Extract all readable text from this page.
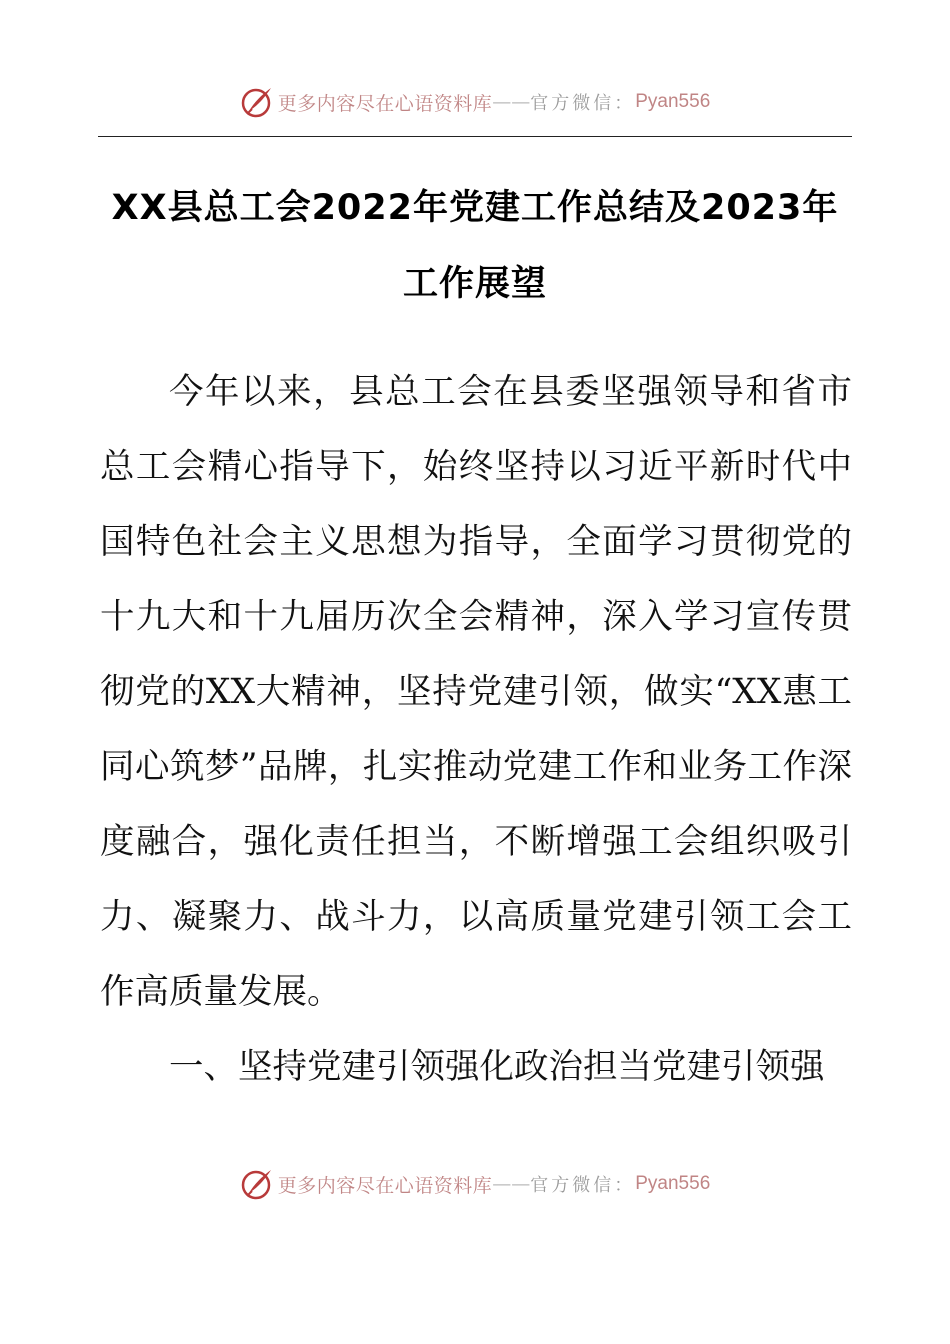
更多内容尽在心语资料库 —— 官方微信： Pyan556
XX县总工会2022年党建工作总结及2023年工作展望

今年以来，县总工会在县委坚强领导和省市总工会精心指导下，始终坚持以习近平新时代中国特色社会主义思想为指导，全面学习贯彻党的十九大和十九届历次全会精神，深入学习宣传贯彻党的XX大精神，坚持党建引领，做实“XX惠工同心筑梦”品牌，扎实推动党建工作和业务工作深度融合，强化责任担当，不断增强工会组织吸引力、凝聚力、战斗力，以高质量党建引领工会工作高质量发展。

一、坚持党建引领强化政治担当党建引领强

更多内容尽在心语资料库 —— 官方微信： Pyan556
